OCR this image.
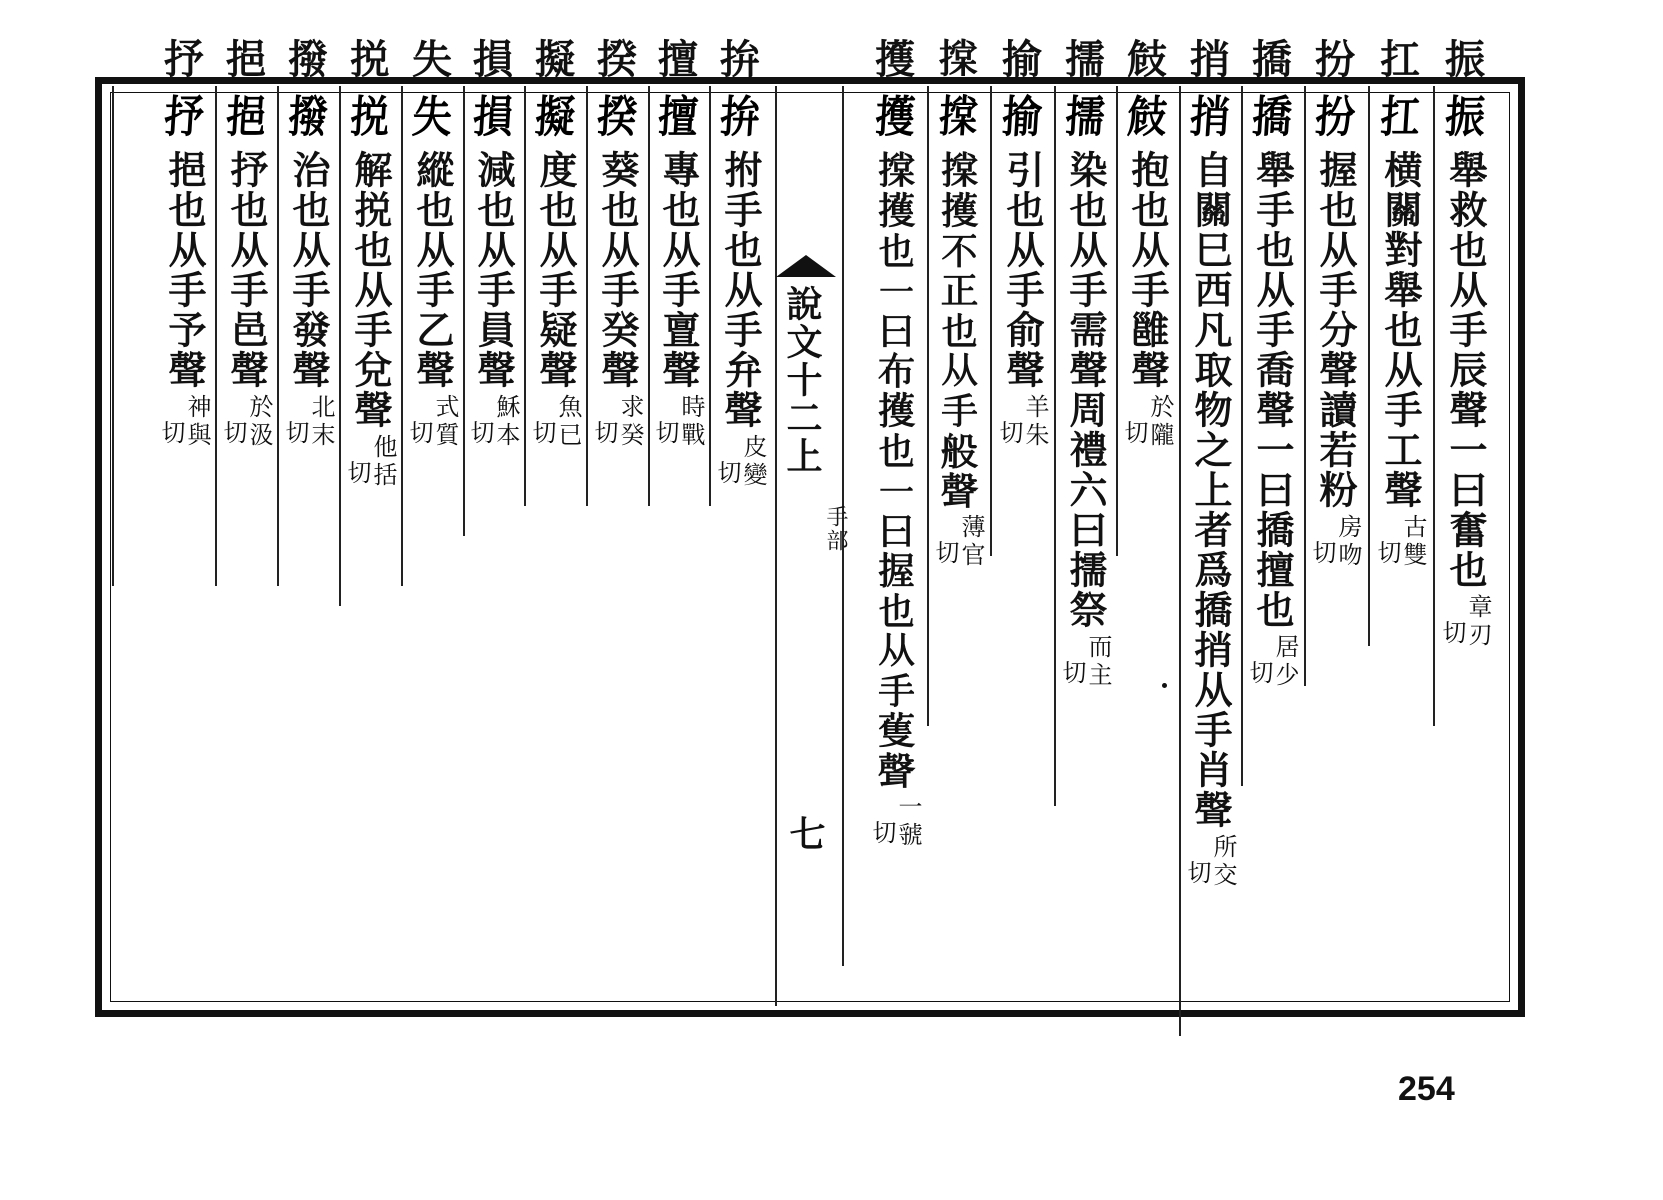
振
扛
扮
撟
捎
㩻
擩
揄
𢴤
擭
拚
擅
揆
擬
損
失
捝
撥
挹
抒
振
舉救也从手辰聲一曰奮也
章刃
切
扛
横關對舉也从手工聲
古雙
切
扮
握也从手分聲讀若粉
房吻
切
撟
舉手也从手喬聲一曰撟擅也
居少
切
捎
自關巳西凡取物之上者爲撟捎从手肖聲
所交
切
㩻
抱也从手雝聲
於隴
切
擩
染也从手需聲周禮六曰擩祭
而主
切
揄
引也从手俞聲
羊朱
切
𢴤
𢴤擭不正也从手般聲
薄官
切
擭
𢴤擭也一曰布擭也一曰握也从手蒦聲
一虢
切
拚
拊手也从手弁聲
皮變
切
擅
專也从手亶聲
時戰
切
揆
葵也从手癸聲
求癸
切
擬
度也从手疑聲
魚已
切
損
減也从手員聲
穌本
切
失
縱也从手乙聲
式質
切
捝
解捝也从手兌聲
他括
切
撥
治也从手發聲
北末
切
挹
抒也从手邑聲
於汲
切
抒
挹也从手予聲
神與
切	說文十二上
手部
七
254
